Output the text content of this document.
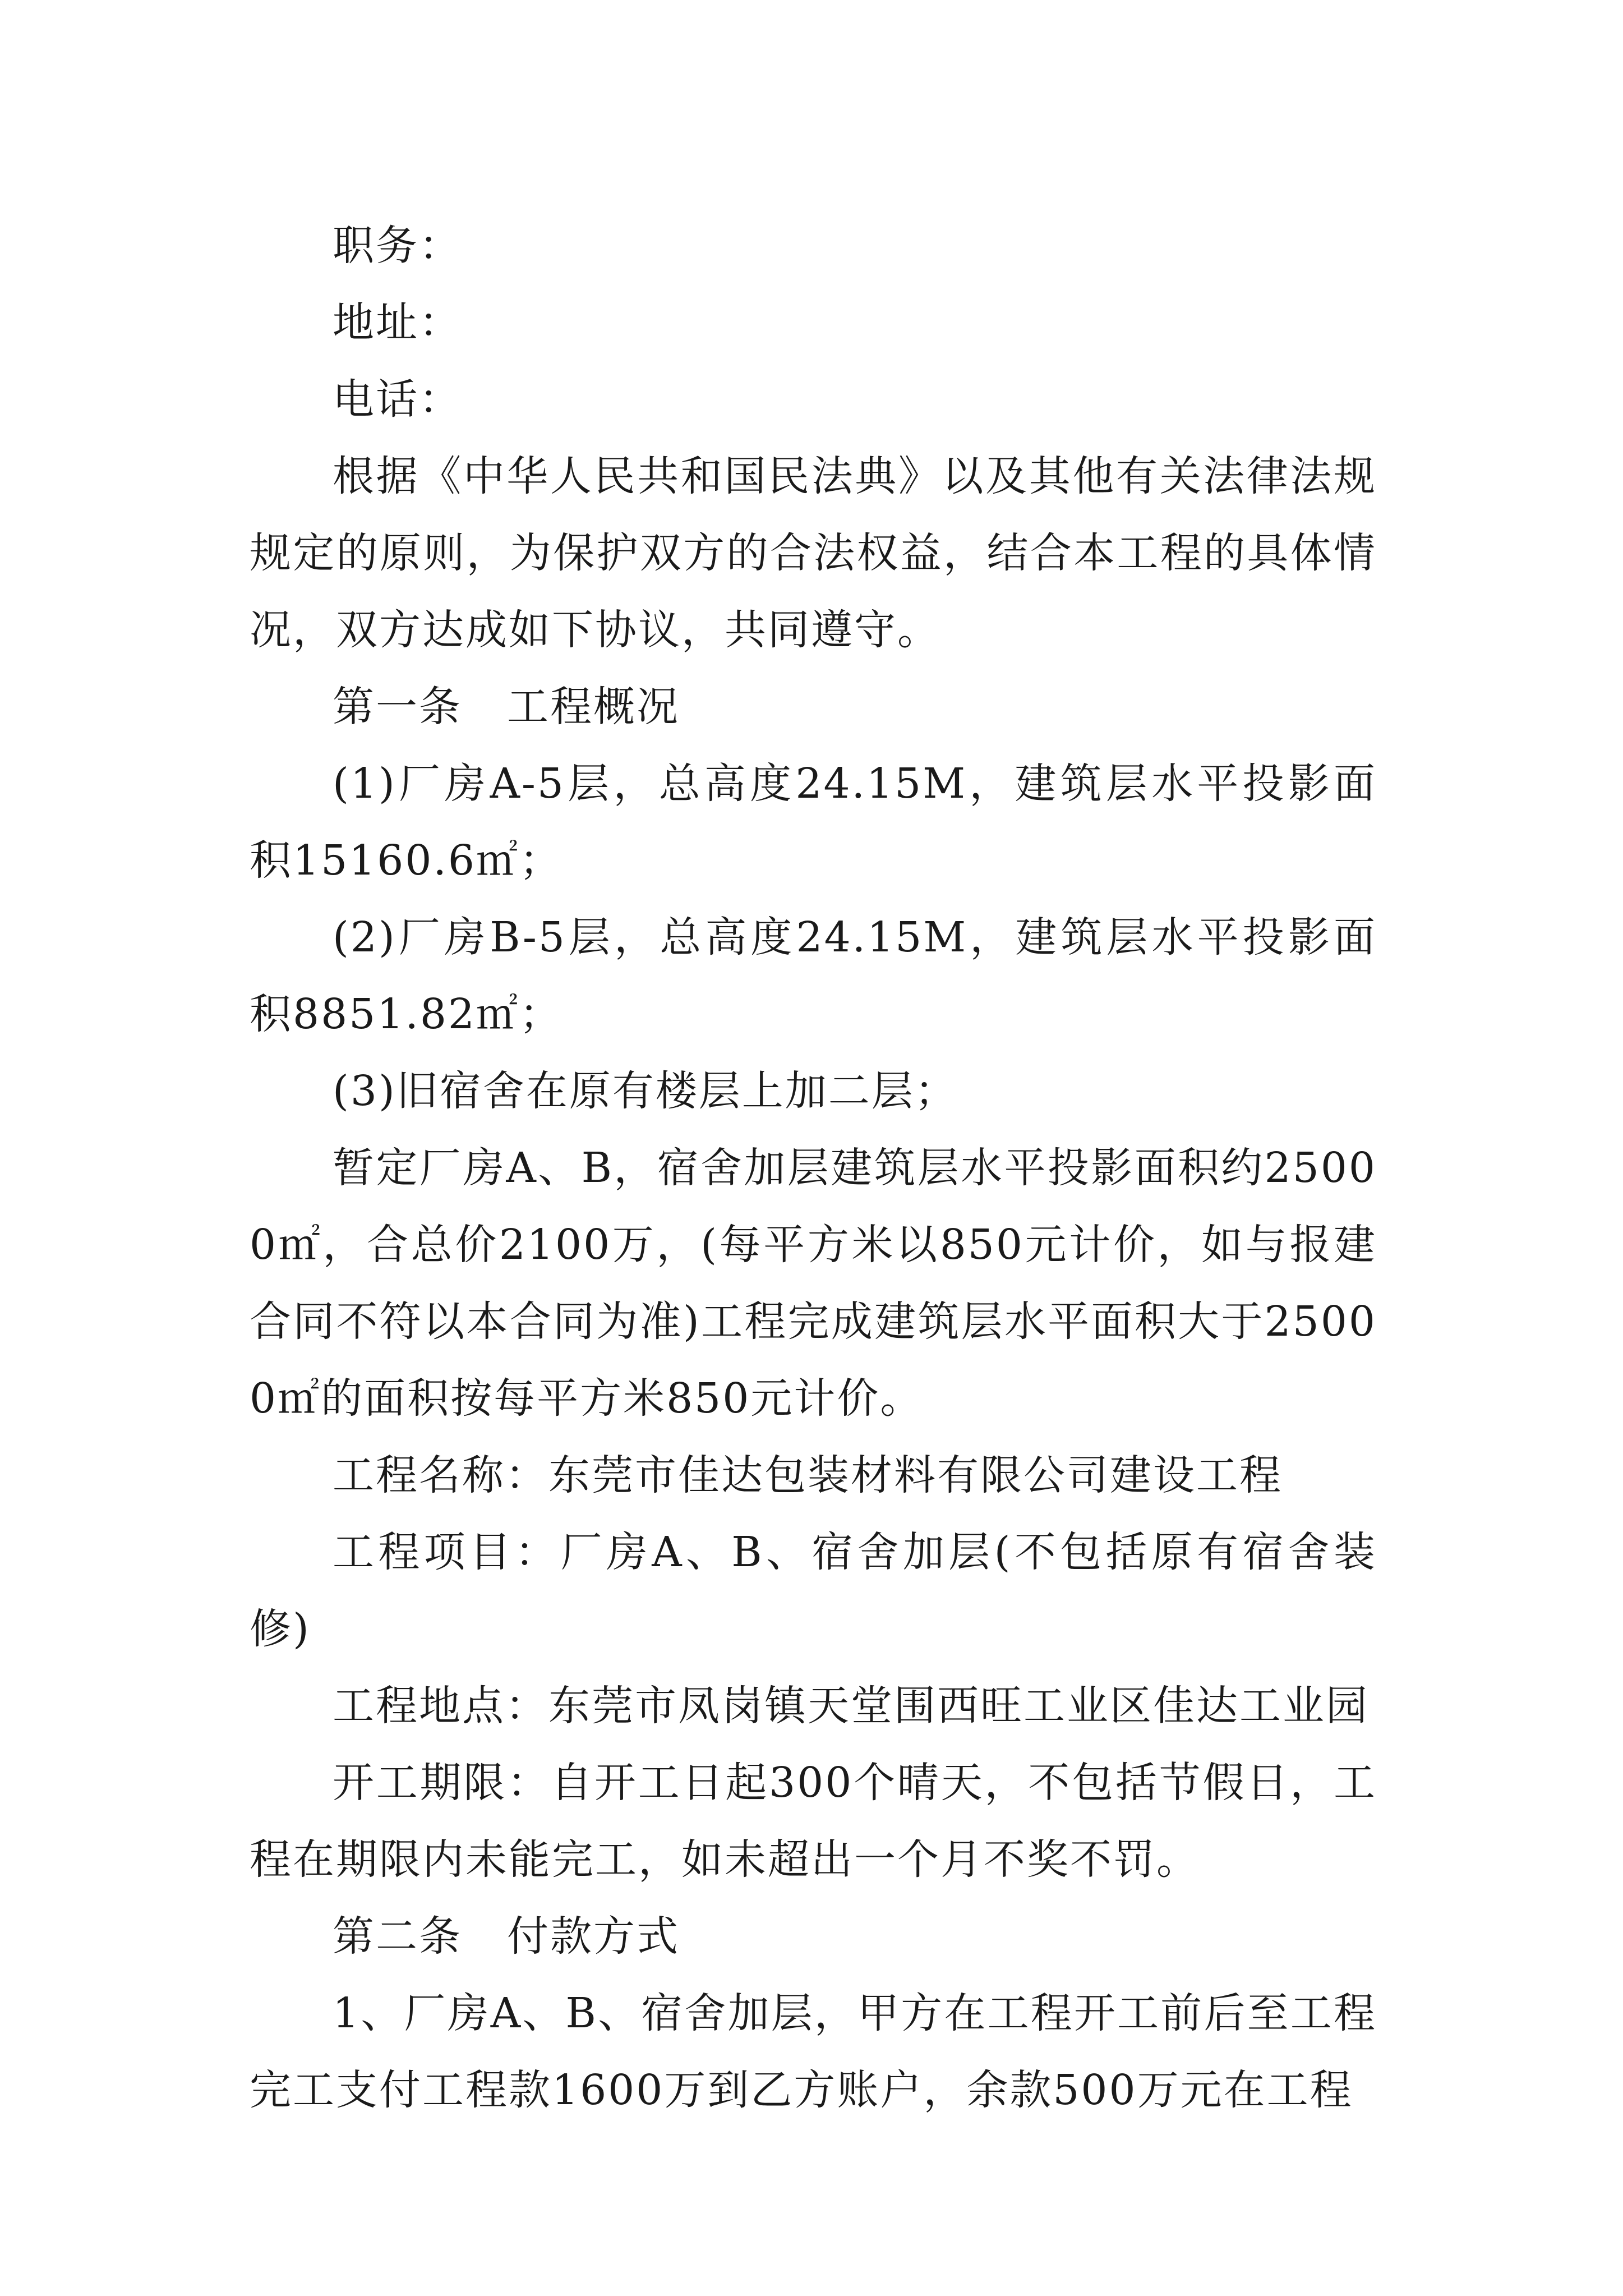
职务：

地址：

电话：

根据《中华人民共和国民法典》以及其他有关法律法规规定的原则，为保护双方的合法权益，结合本工程的具体情况，双方达成如下协议，共同遵守。

第一条 工程概况

(1)厂房A-5层，总高度24.15M，建筑层水平投影面积15160.6㎡；

(2)厂房B-5层，总高度24.15M，建筑层水平投影面积8851.82㎡；

(3)旧宿舍在原有楼层上加二层；

暂定厂房A、B，宿舍加层建筑层水平投影面积约25000㎡，合总价2100万，(每平方米以850元计价，如与报建合同不符以本合同为准)工程完成建筑层水平面积大于25000㎡的面积按每平方米850元计价。

工程名称：东莞市佳达包装材料有限公司建设工程

工程项目：厂房A、B、宿舍加层(不包括原有宿舍装修)

工程地点：东莞市凤岗镇天堂围西旺工业区佳达工业园

开工期限：自开工日起300个晴天，不包括节假日，工程在期限内未能完工，如未超出一个月不奖不罚。

第二条 付款方式

1、厂房A、B、宿舍加层，甲方在工程开工前后至工程完工支付工程款1600万到乙方账户，余款500万元在工程
